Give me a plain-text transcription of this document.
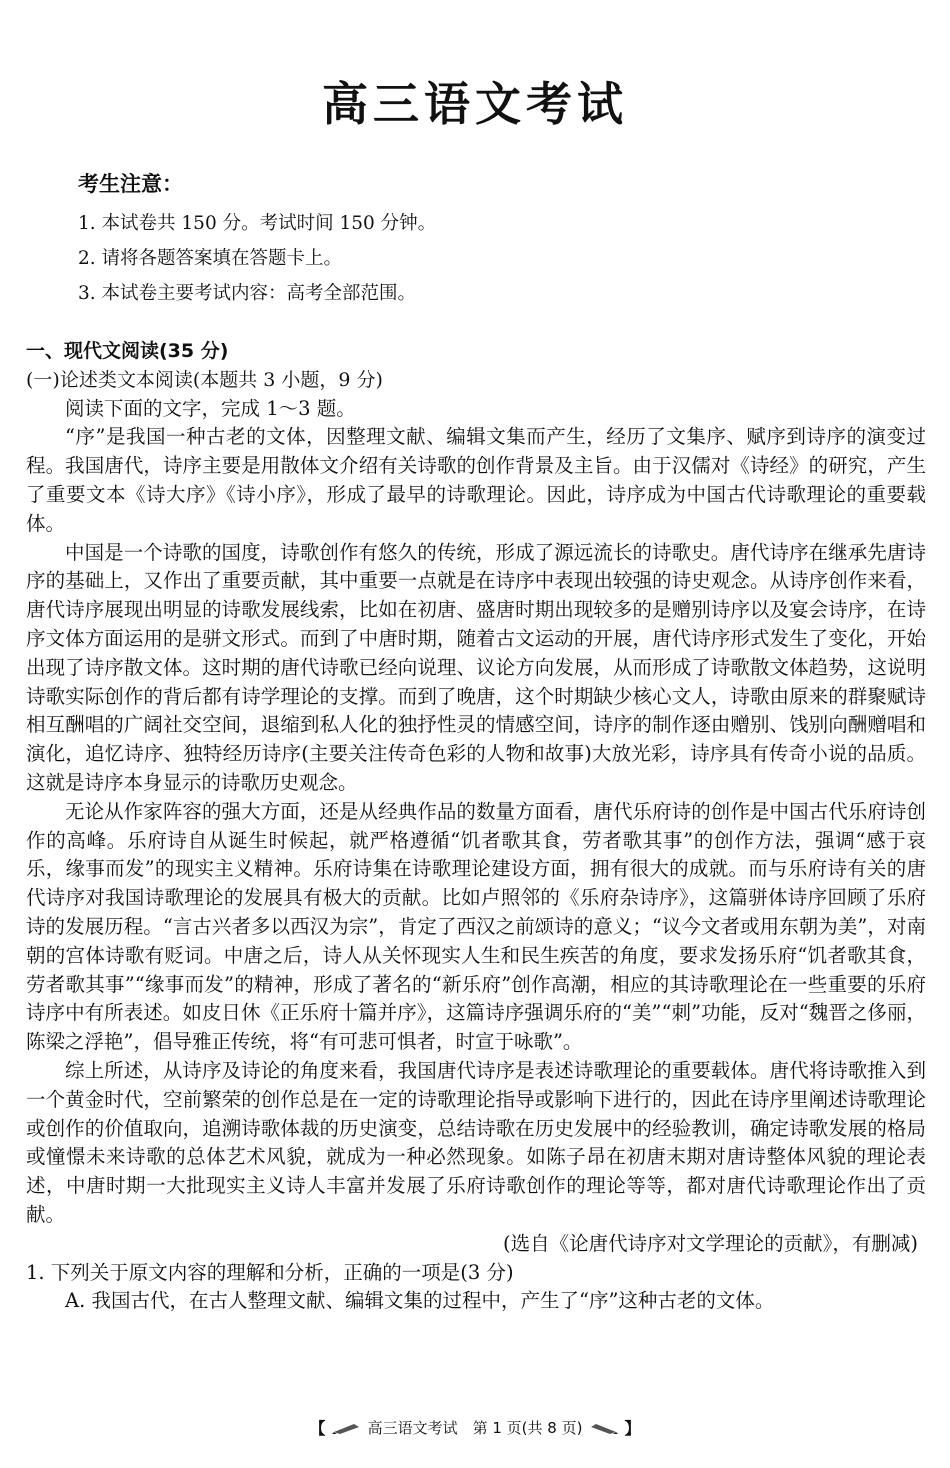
高三语文考试
考生注意：
1. 本试卷共 150 分。考试时间 150 分钟。
2. 请将各题答案填在答题卡上。
3. 本试卷主要考试内容：高考全部范围。
一、现代文阅读(35 分)
(一)论述类文本阅读(本题共 3 小题，9 分)
阅读下面的文字，完成 1～3 题。

“序”是我国一种古老的文体，因整理文献、编辑文集而产生，经历了文集序、赋序到诗序的演变过程。我国唐代，诗序主要是用散体文介绍有关诗歌的创作背景及主旨。由于汉儒对《诗经》的研究，产生了重要文本《诗大序》《诗小序》，形成了最早的诗歌理论。因此，诗序成为中国古代诗歌理论的重要载体。

中国是一个诗歌的国度，诗歌创作有悠久的传统，形成了源远流长的诗歌史。唐代诗序在继承先唐诗序的基础上，又作出了重要贡献，其中重要一点就是在诗序中表现出较强的诗史观念。从诗序创作来看，唐代诗序展现出明显的诗歌发展线索，比如在初唐、盛唐时期出现较多的是赠别诗序以及宴会诗序，在诗序文体方面运用的是骈文形式。而到了中唐时期，随着古文运动的开展，唐代诗序形式发生了变化，开始出现了诗序散文体。这时期的唐代诗歌已经向说理、议论方向发展，从而形成了诗歌散文体趋势，这说明诗歌实际创作的背后都有诗学理论的支撑。而到了晚唐，这个时期缺少核心文人，诗歌由原来的群聚赋诗相互酬唱的广阔社交空间，退缩到私人化的独抒性灵的情感空间，诗序的制作逐由赠别、饯别向酬赠唱和演化，追忆诗序、独特经历诗序(主要关注传奇色彩的人物和故事)大放光彩，诗序具有传奇小说的品质。这就是诗序本身显示的诗歌历史观念。

无论从作家阵容的强大方面，还是从经典作品的数量方面看，唐代乐府诗的创作是中国古代乐府诗创作的高峰。乐府诗自从诞生时候起，就严格遵循“饥者歌其食，劳者歌其事”的创作方法，强调“感于哀乐，缘事而发”的现实主义精神。乐府诗集在诗歌理论建设方面，拥有很大的成就。而与乐府诗有关的唐代诗序对我国诗歌理论的发展具有极大的贡献。比如卢照邻的《乐府杂诗序》，这篇骈体诗序回顾了乐府诗的发展历程。“言古兴者多以西汉为宗”，肯定了西汉之前颂诗的意义；“议今文者或用东朝为美”，对南朝的宫体诗歌有贬词。中唐之后，诗人从关怀现实人生和民生疾苦的角度，要求发扬乐府“饥者歌其食，劳者歌其事”“缘事而发”的精神，形成了著名的“新乐府”创作高潮，相应的其诗歌理论在一些重要的乐府诗序中有所表述。如皮日休《正乐府十篇并序》，这篇诗序强调乐府的“美”“刺”功能，反对“魏晋之侈丽，陈梁之浮艳”，倡导雅正传统，将“有可悲可惧者，时宣于咏歌”。

综上所述，从诗序及诗论的角度来看，我国唐代诗序是表述诗歌理论的重要载体。唐代将诗歌推入到一个黄金时代，空前繁荣的创作总是在一定的诗歌理论指导或影响下进行的，因此在诗序里阐述诗歌理论或创作的价值取向，追溯诗歌体裁的历史演变，总结诗歌在历史发展中的经验教训，确定诗歌发展的格局或憧憬未来诗歌的总体艺术风貌，就成为一种必然现象。如陈子昂在初唐末期对唐诗整体风貌的理论表述，中唐时期一大批现实主义诗人丰富并发展了乐府诗歌创作的理论等等，都对唐代诗歌理论作出了贡献。

(选自《论唐代诗序对文学理论的贡献》，有删减)

1. 下列关于原文内容的理解和分析，正确的一项是(3 分)

A. 我国古代，在古人整理文献、编辑文集的过程中，产生了“序”这种古老的文体。
【	高三语文考试　第 1 页(共 8 页)	】
